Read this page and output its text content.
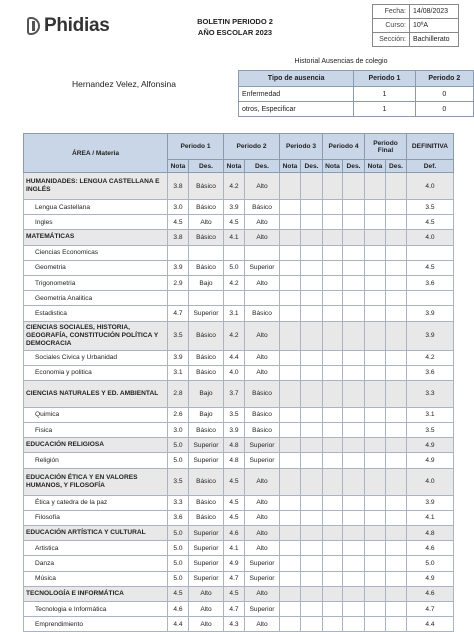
Phidias	BOLETIN PERIODO 2
AÑO ESCOLAR 2023
Fecha:	14/08/2023
Curso:	10ºA
Sección:	Bachillerato
Historial Ausencias de colegio
Tipo de ausencia	Periodo 1	Periodo 2
Enfermedad	1	0
otros, Especificar	1	0
Hernandez Velez, Alfonsina
ÁREA / Materia	Periodo 1		Periodo 2		Periodo 3		Periodo 4		Periodo Final		DEFINITIVA
	Nota	Des.	Nota	Des.	Nota	Des.	Nota	Des.	Nota	Des.	Def.
HUMANIDADES: LENGUA CASTELLANA E INGLÉS	3.8	Básico	4.2	Alto							4.0
Lengua Castellana	3.0	Básico	3.9	Básico							3.5
Ingles	4.5	Alto	4.5	Alto							4.5
MATEMÁTICAS	3.8	Básico	4.1	Alto							4.0
Ciencias Economicas											
Geometria	3.9	Básico	5.0	Superior							4.5
Trigonometria	2.9	Bajo	4.2	Alto							3.6
Geometria Analitica											
Estadistica	4.7	Superior	3.1	Básico							3.9
CIENCIAS SOCIALES, HISTORIA, GEOGRAFÍA, CONSTITUCIÓN POLÍTICA Y DEMOCRACIA	3.5	Básico	4.2	Alto							3.9
Sociales Civica y Urbanidad	3.9	Básico	4.4	Alto							4.2
Economia y politica	3.1	Básico	4.0	Alto							3.6
CIENCIAS NATURALES Y ED. AMBIENTAL	2.8	Bajo	3.7	Básico							3.3
Quimica	2.6	Bajo	3.5	Básico							3.1
Fisica	3.0	Básico	3.9	Básico							3.5
EDUCACIÓN RELIGIOSA	5.0	Superior	4.8	Superior							4.9
Religión	5.0	Superior	4.8	Superior							4.9
EDUCACIÓN ÉTICA Y EN VALORES HUMANOS, Y FILOSOFÍA	3.5	Básico	4.5	Alto							4.0
Ética y catedra de la paz	3.3	Básico	4.5	Alto							3.9
Filosofía	3.6	Básico	4.5	Alto							4.1
EDUCACIÓN ARTÍSTICA Y CULTURAL	5.0	Superior	4.6	Alto							4.8
Artistica	5.0	Superior	4.1	Alto							4.6
Danza	5.0	Superior	4.9	Superior							5.0
Música	5.0	Superior	4.7	Superior							4.9
TECNOLOGÍA E INFORMÁTICA	4.5	Alto	4.5	Alto							4.6
Tecnologia e Informática	4.6	Alto	4.7	Superior							4.7
Emprendimiento	4.4	Alto	4.3	Alto							4.4
